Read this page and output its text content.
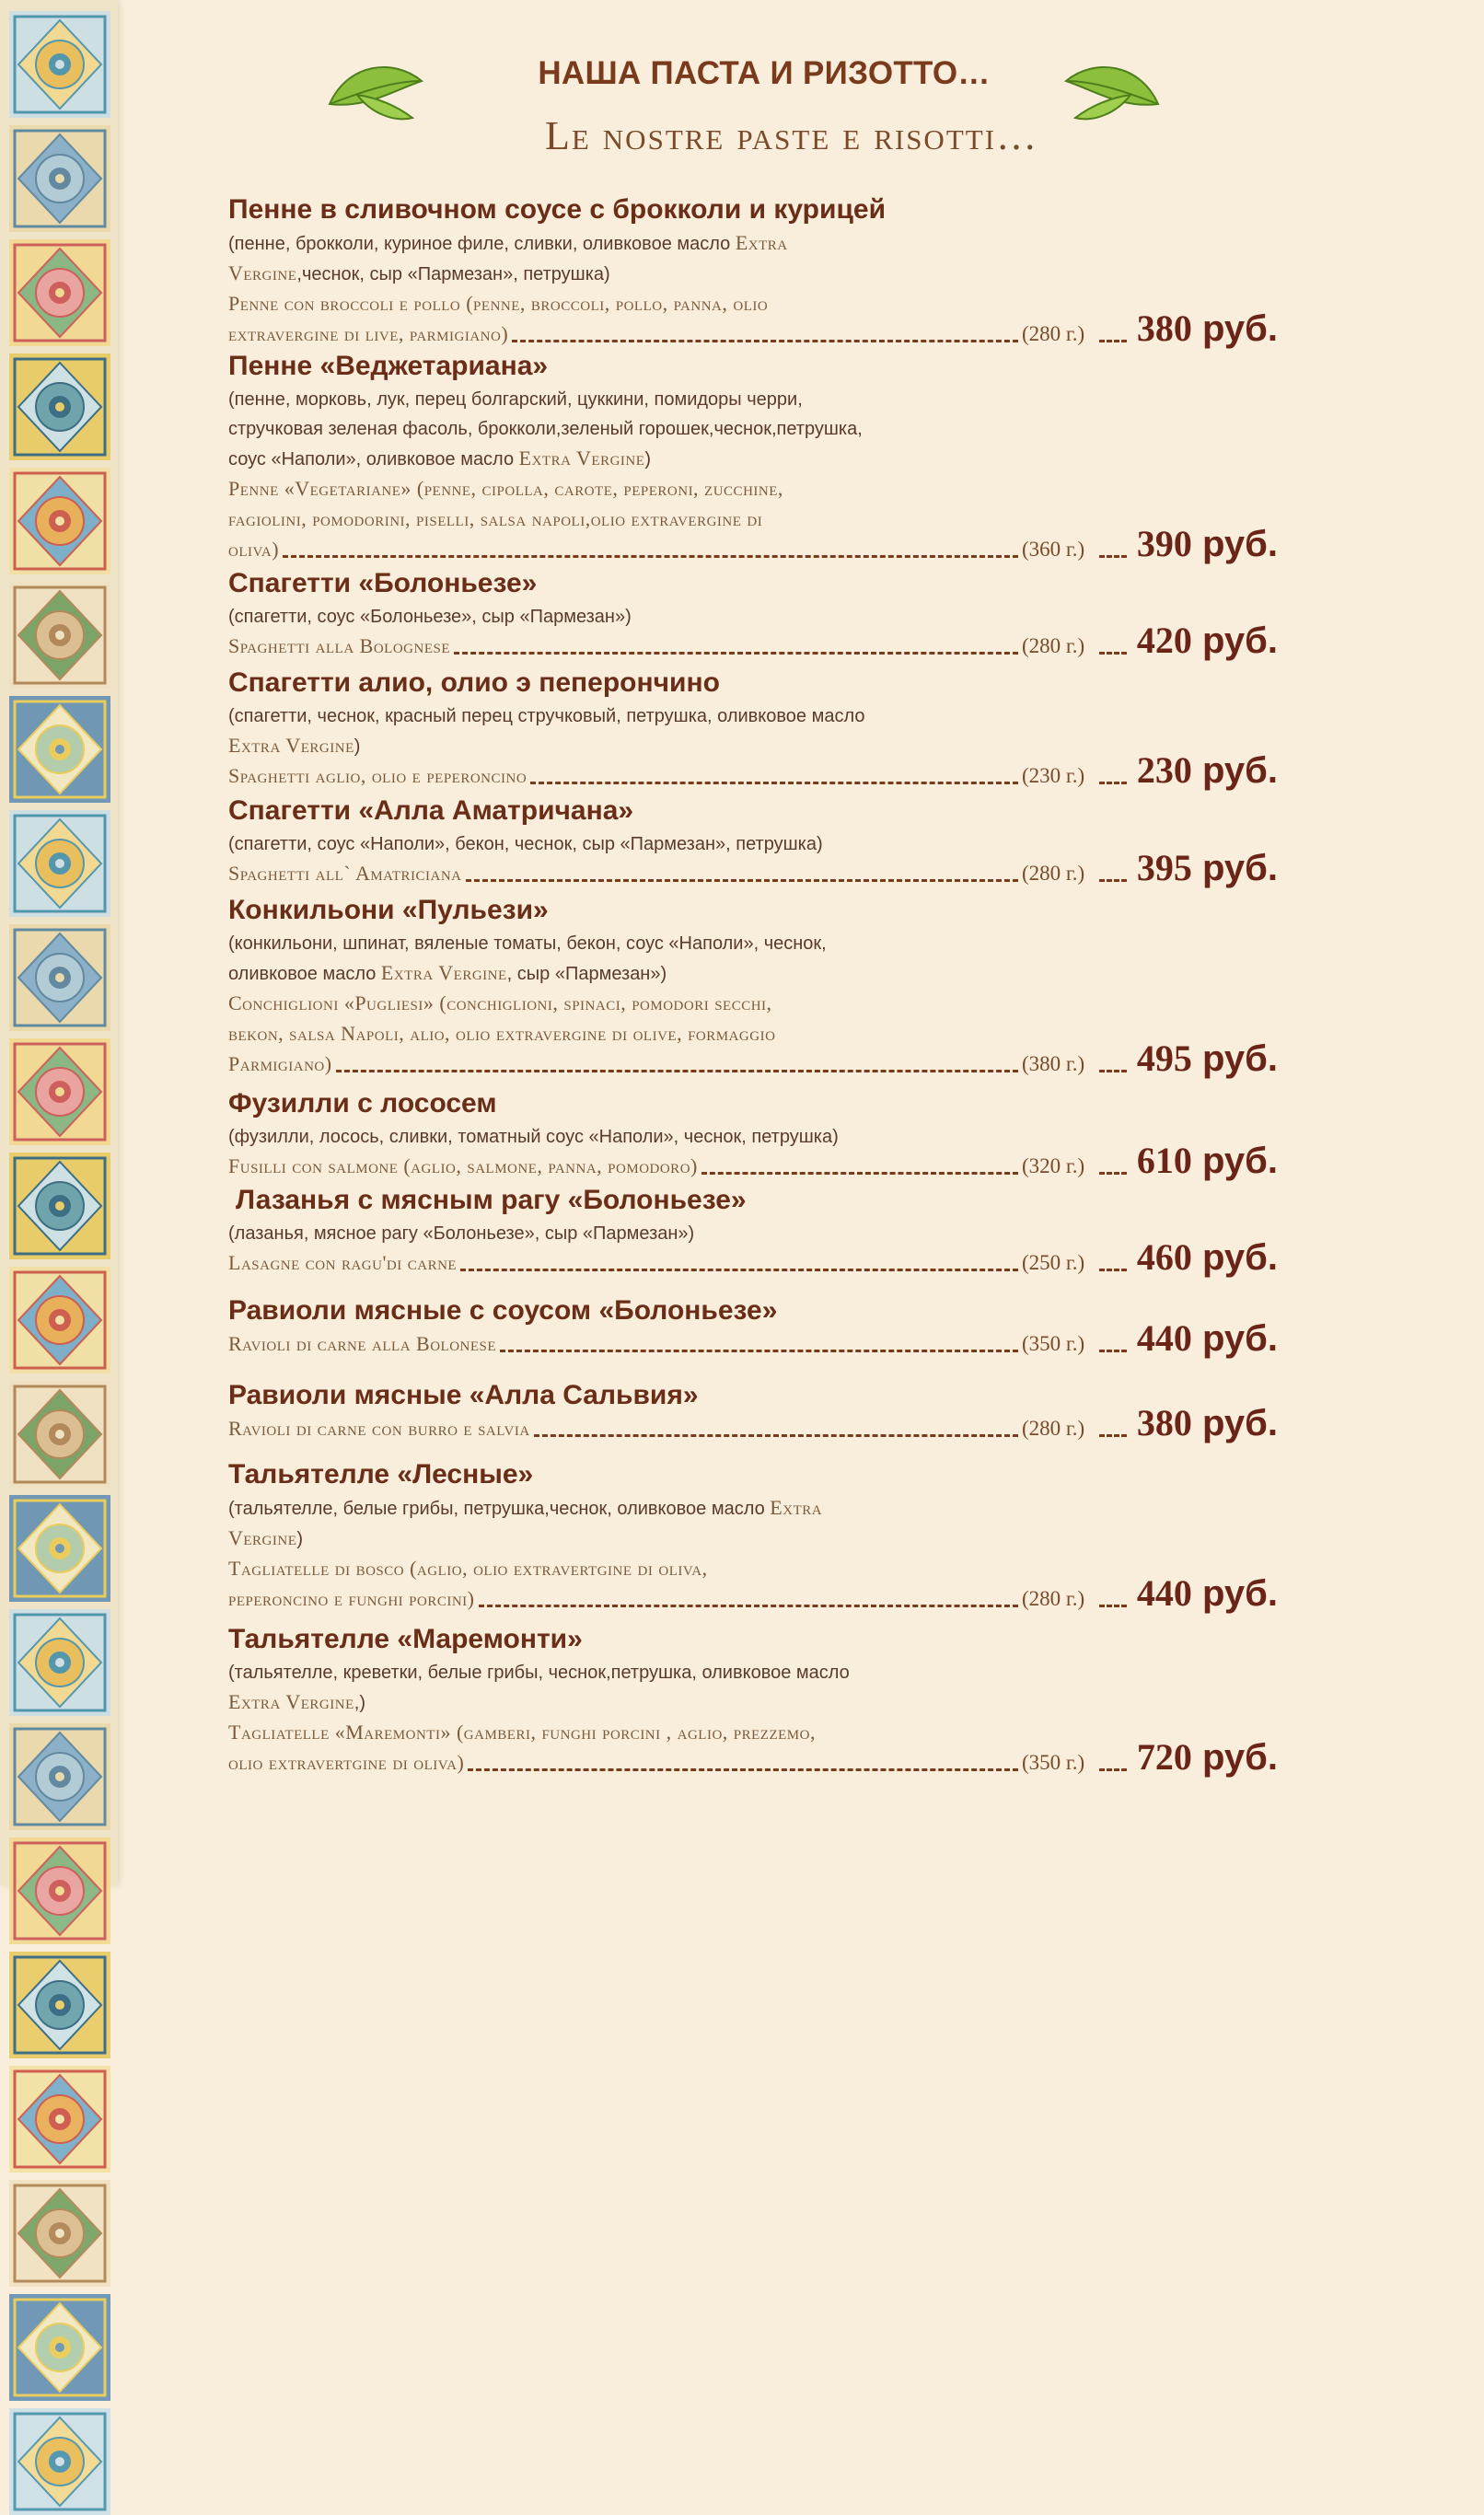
НАША ПАСТА И РИЗОТТО…
Le nostre paste e risotti…
Пенне в сливочном соусе с брокколи и курицей
(пенне, брокколи, куриное филе, сливки, оливковое масло Extra
Vergine,чеснок, сыр «Пармезан», петрушка)
Penne con broccoli e pollo (penne, broccoli, pollo, panna, olio
extravergine di live, parmigiano)	(280 г.) 380 руб.
Пенне «Веджетариана»
(пенне, морковь, лук, перец болгарский, цуккини, помидоры черри,
стручковая зеленая фасоль, брокколи,зеленый горошек,чеснок,петрушка,
соус «Наполи», оливковое масло Extra Vergine)
Penne «Vegetariane» (penne, cipolla, carote, peperoni, zucchine,
fagiolini, pomodorini, piselli, salsa napoli,olio extravergine di
oliva)	(360 г.) 390 руб.
Спагетти «Болоньезе»
(спагетти, соус «Болоньезе», сыр «Пармезан»)
Spaghetti alla Bolognese	(280 г.) 420 руб.
Спагетти алио, олио э пеперончино
(спагетти, чеснок, красный перец стручковый, петрушка, оливковое масло
Extra Vergine)
Spaghetti aglio, olio e peperoncino	(230 г.) 230 руб.
Спагетти «Алла Аматричана»
(спагетти, соус «Наполи», бекон, чеснок, сыр «Пармезан», петрушка)
Spaghetti all` Amatriciana	(280 г.) 395 руб.
Конкильони «Пульези»
(конкильони, шпинат, вяленые томаты, бекон, соус «Наполи», чеснок,
оливковое масло Extra Vergine, сыр «Пармезан»)
Conchiglioni «Pugliesi» (conchiglioni, spinaci, pomodori secchi,
bekon, salsa Napoli, alio, olio extravergine di olive, formaggio
Parmigiano)	(380 г.) 495 руб.
Фузилли с лососем
(фузилли, лосось, сливки, томатный соус «Наполи», чеснок, петрушка)
Fusilli con salmone (aglio, salmone, panna, pomodoro)	(320 г.) 610 руб.
Лазанья с мясным рагу «Болоньезе»
(лазанья, мясное рагу «Болоньезе», сыр «Пармезан»)
Lasagne con ragu'di carne	(250 г.) 460 руб.
Равиоли мясные с соусом «Болоньезе»
Ravioli di carne alla Bolonese	(350 г.) 440 руб.
Равиоли мясные «Алла Сальвия»
Ravioli di carne con burro e salvia	(280 г.) 380 руб.
Тальятелле «Лесные»
(тальятелле, белые грибы, петрушка,чеснок, оливковое масло Extra
Vergine)
Tagliatelle di bosco (aglio, olio extravertgine di oliva,
peperoncino e funghi porcini)	(280 г.) 440 руб.
Тальятелле «Маремонти»
(тальятелле, креветки, белые грибы, чеснок,петрушка, оливковое масло
Extra Vergine,)
Tagliatelle «Maremonti» (gamberi, funghi porcini , aglio, prezzemo,
olio extravertgine di oliva)	(350 г.) 720 руб.
